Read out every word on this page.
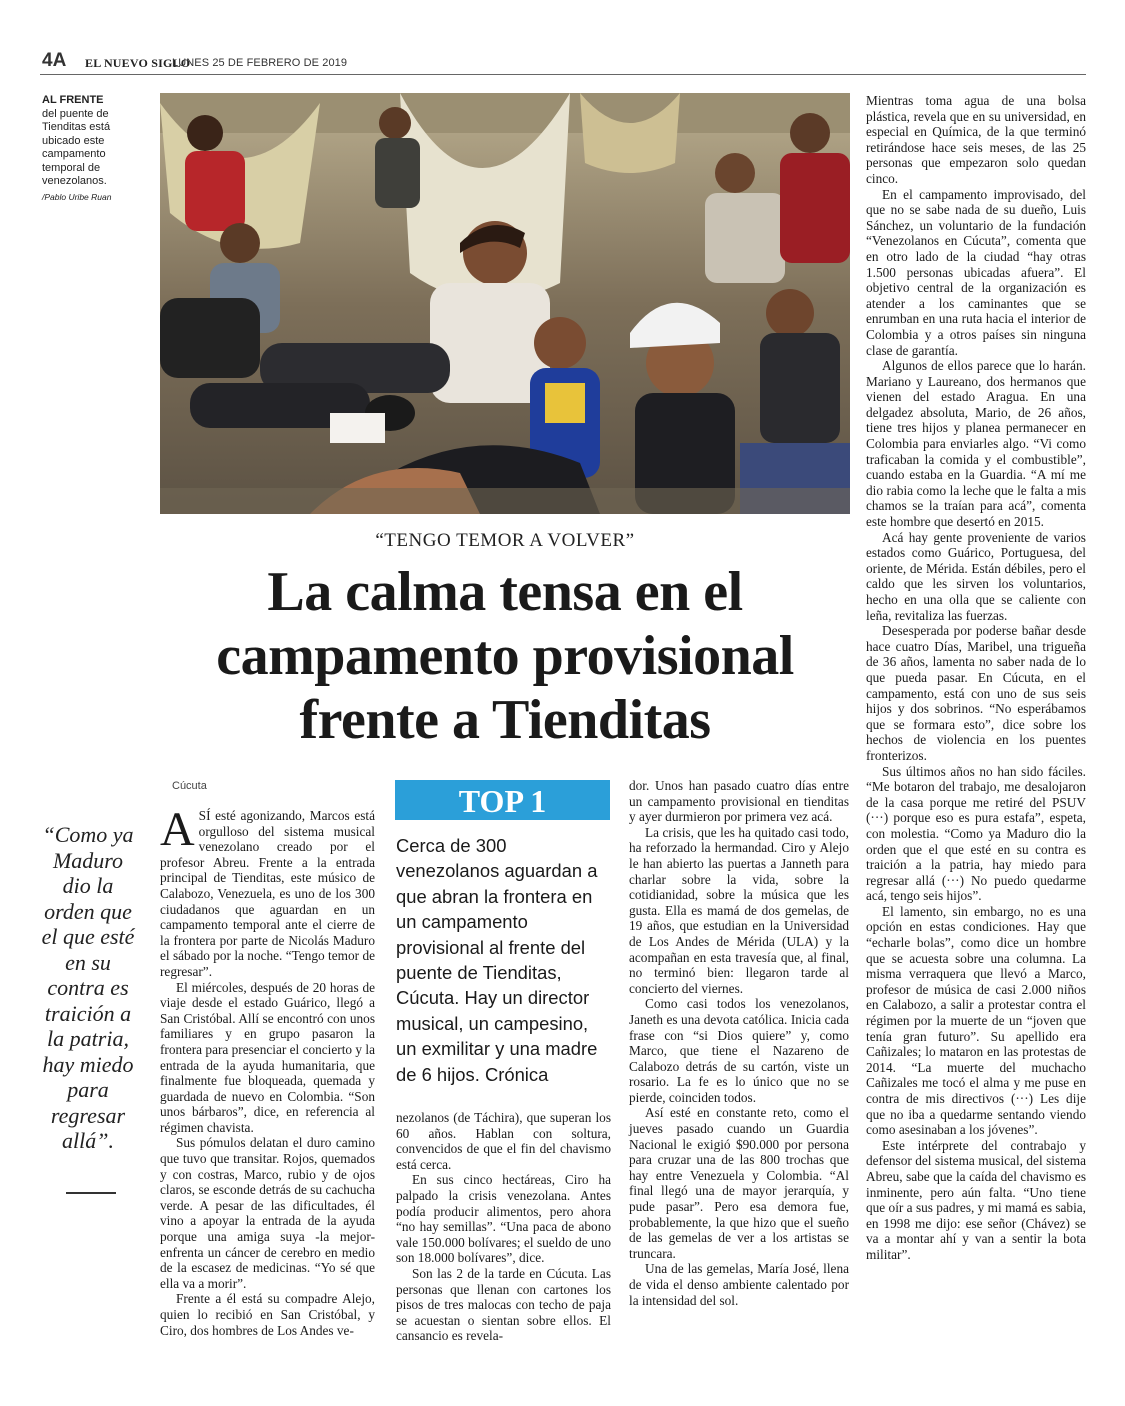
4A EL NUEVO SIGLO
LUNES 25 DE FEBRERO DE 2019
AL FRENTE
del puente de Tienditas está ubicado este campamento temporal de venezolanos.
/Pablo Uribe Ruan
“TENGO TEMOR A VOLVER”
La calma tensa en el campamento provisional frente a Tienditas
“Como ya Maduro dio la orden que el que esté en su contra es traición a la patria, hay miedo para regresar allá”.
Cúcuta

ASÍ esté agonizando, Marcos está orgulloso del sistema musical venezolano creado por el profesor Abreu. Frente a la entrada principal de Tienditas, este músico de Calabozo, Venezuela, es uno de los 300 ciudadanos que aguardan en un campamento temporal ante el cierre de la frontera por parte de Nicolás Maduro el sábado por la noche. “Tengo temor de regresar”.

El miércoles, después de 20 horas de viaje desde el estado Guárico, llegó a San Cristóbal. Allí se encontró con unos familiares y en grupo pasaron la frontera para presenciar el concierto y la entrada de la ayuda humanitaria, que finalmente fue bloqueada, quemada y guardada de nuevo en Colombia. “Son unos bárbaros”, dice, en referencia al régimen chavista.

Sus pómulos delatan el duro camino que tuvo que transitar. Rojos, quemados y con costras, Marco, rubio y de ojos claros, se esconde detrás de su cachucha verde. A pesar de las dificultades, él vino a apoyar la entrada de la ayuda porque una amiga suya -la mejor- enfrenta un cáncer de cerebro en medio de la escasez de medicinas. “Yo sé que ella va a morir”.

Frente a él está su compadre Alejo, quien lo recibió en San Cristóbal, y Ciro, dos hombres de Los Andes ve-

TOP 1
Cerca de 300 venezolanos aguardan a que abran la frontera en un campamento provisional al frente del puente de Tienditas, Cúcuta. Hay un director musical, un campesino, un exmilitar y una madre de 6 hijos. Crónica

nezolanos (de Táchira), que superan los 60 años. Hablan con soltura, convencidos de que el fin del chavismo está cerca.

En sus cinco hectáreas, Ciro ha palpado la crisis venezolana. Antes podía producir alimentos, pero ahora “no hay semillas”. “Una paca de abono vale 150.000 bolívares; el sueldo de uno son 18.000 bolívares”, dice.

Son las 2 de la tarde en Cúcuta. Las personas que llenan con cartones los pisos de tres malocas con techo de paja se acuestan o sientan sobre ellos. El cansancio es revela-

dor. Unos han pasado cuatro días entre un campamento provisional en tienditas y ayer durmieron por primera vez acá.

La crisis, que les ha quitado casi todo, ha reforzado la hermandad. Ciro y Alejo le han abierto las puertas a Janneth para charlar sobre la vida, sobre la cotidianidad, sobre la música que les gusta. Ella es mamá de dos gemelas, de 19 años, que estudian en la Universidad de Los Andes de Mérida (ULA) y la acompañan en esta travesía que, al final, no terminó bien: llegaron tarde al concierto del viernes.

Como casi todos los venezolanos, Janeth es una devota católica. Inicia cada frase con “si Dios quiere” y, como Marco, que tiene el Nazareno de Calabozo detrás de su cartón, viste un rosario. La fe es lo único que no se pierde, coinciden todos.

Así esté en constante reto, como el jueves pasado cuando un Guardia Nacional le exigió $90.000 por persona para cruzar una de las 800 trochas que hay entre Venezuela y Colombia. “Al final llegó una de mayor jerarquía, y pude pasar”. Pero esa demora fue, probablemente, la que hizo que el sueño de las gemelas de ver a los artistas se truncara.

Una de las gemelas, María José, llena de vida el denso ambiente calentado por la intensidad del sol.

Mientras toma agua de una bolsa plástica, revela que en su universidad, en especial en Química, de la que terminó retirándose hace seis meses, de las 25 personas que empezaron solo quedan cinco.

En el campamento improvisado, del que no se sabe nada de su dueño, Luis Sánchez, un voluntario de la fundación “Venezolanos en Cúcuta”, comenta que en otro lado de la ciudad “hay otras 1.500 personas ubicadas afuera”. El objetivo central de la organización es atender a los caminantes que se enrumban en una ruta hacia el interior de Colombia y a otros países sin ninguna clase de garantía.

Algunos de ellos parece que lo harán. Mariano y Laureano, dos hermanos que vienen del estado Aragua. En una delgadez absoluta, Mario, de 26 años, tiene tres hijos y planea permanecer en Colombia para enviarles algo. “Vi como traficaban la comida y el combustible”, cuando estaba en la Guardia. “A mí me dio rabia como la leche que le falta a mis chamos se la traían para acá”, comenta este hombre que desertó en 2015.

Acá hay gente proveniente de varios estados como Guárico, Portuguesa, del oriente, de Mérida. Están débiles, pero el caldo que les sirven los voluntarios, hecho en una olla que se caliente con leña, revitaliza las fuerzas.

Desesperada por poderse bañar desde hace cuatro Días, Maribel, una trigueña de 36 años, lamenta no saber nada de lo que pueda pasar. En Cúcuta, en el campamento, está con uno de sus seis hijos y dos sobrinos. “No esperábamos que se formara esto”, dice sobre los hechos de violencia en los puentes fronterizos.

Sus últimos años no han sido fáciles. “Me botaron del trabajo, me desalojaron de la casa porque me retiré del PSUV (···) porque eso es pura estafa”, espeta, con molestia. “Como ya Maduro dio la orden que el que esté en su contra es traición a la patria, hay miedo para regresar allá (···) No puedo quedarme acá, tengo seis hijos”.

El lamento, sin embargo, no es una opción en estas condiciones. Hay que “echarle bolas”, como dice un hombre que se acuesta sobre una columna. La misma verraquera que llevó a Marco, profesor de música de casi 2.000 niños en Calabozo, a salir a protestar contra el régimen por la muerte de un “joven que tenía gran futuro”. Su apellido era Cañizales; lo mataron en las protestas de 2014. “La muerte del muchacho Cañizales me tocó el alma y me puse en contra de mis directivos (···) Les dije que no iba a quedarme sentando viendo como asesinaban a los jóvenes”.

Este intérprete del contrabajo y defensor del sistema musical, del sistema Abreu, sabe que la caída del chavismo es inminente, pero aún falta. “Uno tiene que oír a sus padres, y mi mamá es sabia, en 1998 me dijo: ese señor (Chávez) se va a montar ahí y van a sentir la bota militar”.
